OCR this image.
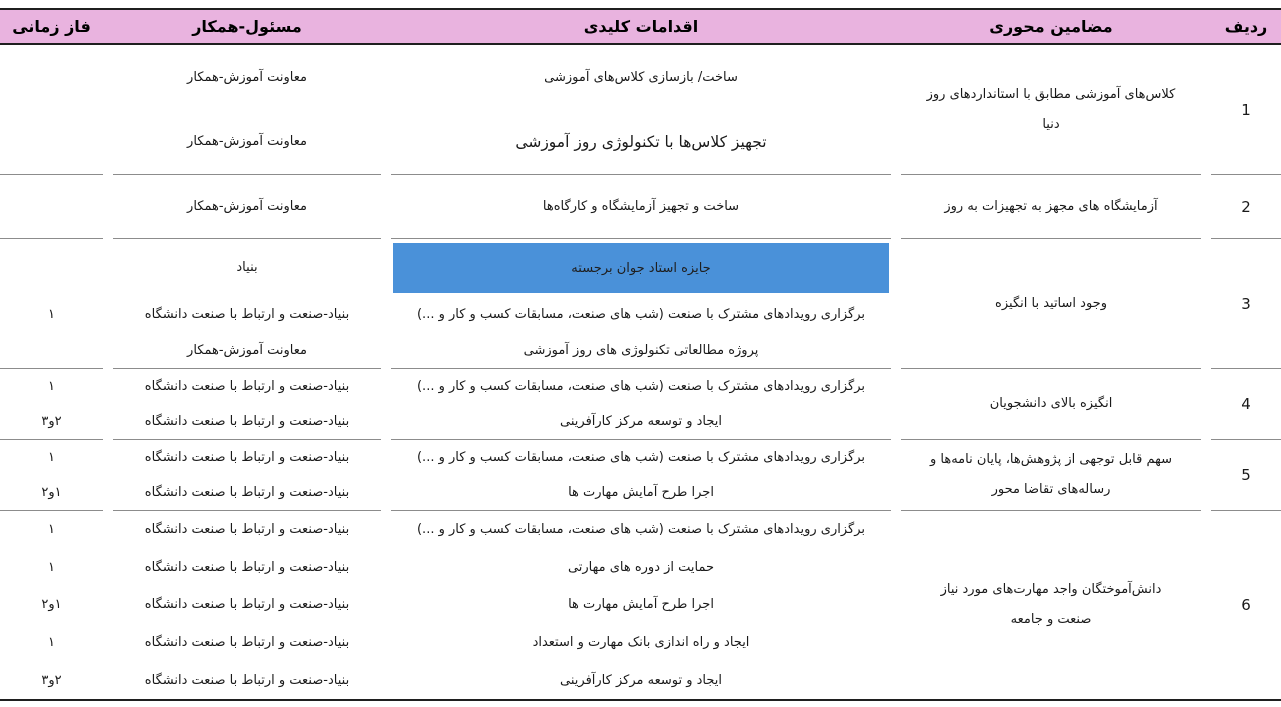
ردیف
مضامین محوری
اقدامات کلیدی
مسئول-همکار
فاز زمانی
1
کلاس‌های آموزشی مطابق با استانداردهای روز دنیا
ساخت/ بازسازی کلاس‌های آموزشی
تجهیز کلاس‌ها با تکنولوژی روز آموزشی
معاونت آموزش-همکار
معاونت آموزش-همکار
2
آزمایشگاه های مجهز به تجهیزات به روز
ساخت و تجهیز آزمایشگاه و کارگاه‌ها
معاونت آموزش-همکار
3
وجود اساتید با انگیزه
جایزه استاد جوان برجسته
برگزاری رویدادهای مشترک با صنعت (شب های صنعت، مسابقات کسب و کار و ...)
پروژه مطالعاتی تکنولوژی های روز آموزشی
بنیاد
بنیاد-صنعت و ارتباط با صنعت دانشگاه
معاونت آموزش-همکار
۱
4
انگیزه بالای دانشجویان
برگزاری رویدادهای مشترک با صنعت (شب های صنعت، مسابقات کسب و کار و ...)
ایجاد و توسعه مرکز کارآفرینی
بنیاد-صنعت و ارتباط با صنعت دانشگاه
بنیاد-صنعت و ارتباط با صنعت دانشگاه
۱
۲و۳
5
سهم قابل توجهی از پژوهش‌ها، پایان نامه‌ها و رساله‌های تقاضا محور
برگزاری رویدادهای مشترک با صنعت (شب های صنعت، مسابقات کسب و کار و ...)
اجرا طرح آمایش مهارت ها
بنیاد-صنعت و ارتباط با صنعت دانشگاه
بنیاد-صنعت و ارتباط با صنعت دانشگاه
۱
۱و۲
6
دانش‌آموختگان واجد مهارت‌های مورد نیاز صنعت و جامعه
برگزاری رویدادهای مشترک با صنعت (شب های صنعت، مسابقات کسب و کار و ...)
حمایت از دوره های مهارتی
اجرا طرح آمایش مهارت ها
ایجاد و راه اندازی بانک مهارت و استعداد
ایجاد و توسعه مرکز کارآفرینی
بنیاد-صنعت و ارتباط با صنعت دانشگاه
بنیاد-صنعت و ارتباط با صنعت دانشگاه
بنیاد-صنعت و ارتباط با صنعت دانشگاه
بنیاد-صنعت و ارتباط با صنعت دانشگاه
بنیاد-صنعت و ارتباط با صنعت دانشگاه
۱
۱
۱و۲
۱
۲و۳
